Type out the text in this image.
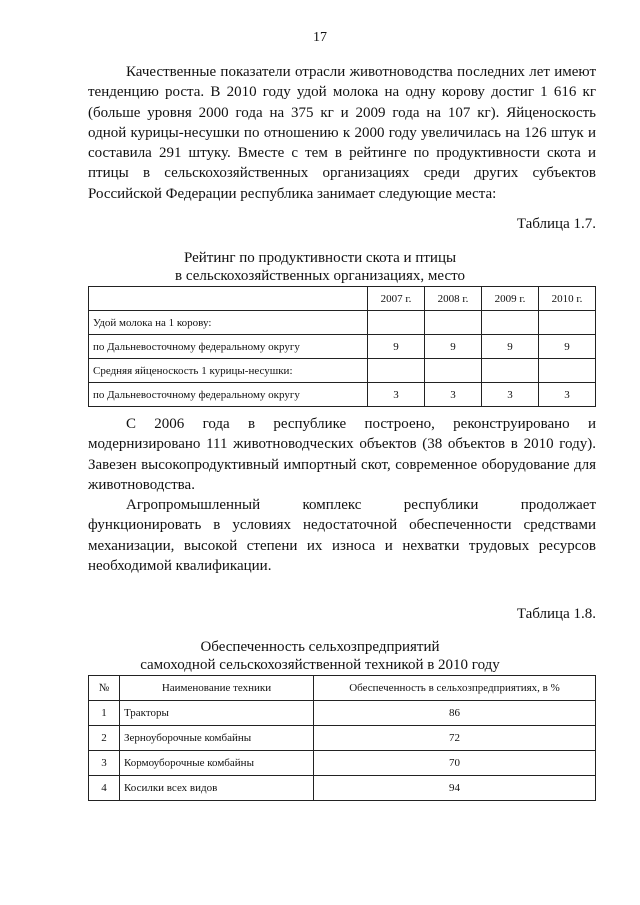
17
Качественные показатели отрасли животноводства последних лет имеют тенденцию роста. В 2010 году удой молока на одну корову достиг 1 616 кг (больше уровня 2000 года на 375 кг и 2009 года на 107 кг). Яйценоскость одной курицы-несушки по отношению к 2000 году увеличилась на 126 штук и составила 291 штуку. Вместе с тем в рейтинге по продуктивности скота и птицы в сельскохозяйственных организациях среди других субъектов Российской Федерации республика занимает следующие места:
Таблица 1.7.
Рейтинг по продуктивности скота и птицы
в сельскохозяйственных организациях, место
	2007 г.	2008 г.	2009 г.	2010 г.
Удой молока на 1 корову:				
по Дальневосточному федеральному округу	9	9	9	9
Средняя яйценоскость 1 курицы-несушки:				
по Дальневосточному федеральному округу	3	3	3	3
С 2006 года в республике построено, реконструировано и модернизировано 111 животноводческих объектов (38 объектов в 2010 году). Завезен высокопродуктивный импортный скот, современное оборудование для животноводства.
Агропромышленный комплекс республики продолжает функционировать в условиях недостаточной обеспеченности средствами механизации, высокой степени их износа и нехватки трудовых ресурсов необходимой квалификации.
Таблица 1.8.
Обеспеченность сельхозпредприятий
самоходной сельскохозяйственной техникой в 2010 году
№	Наименование техники	Обеспеченность в сельхозпредприятиях, в %
1	Тракторы	86
2	Зерноуборочные комбайны	72
3	Кормоуборочные комбайны	70
4	Косилки всех видов	94
